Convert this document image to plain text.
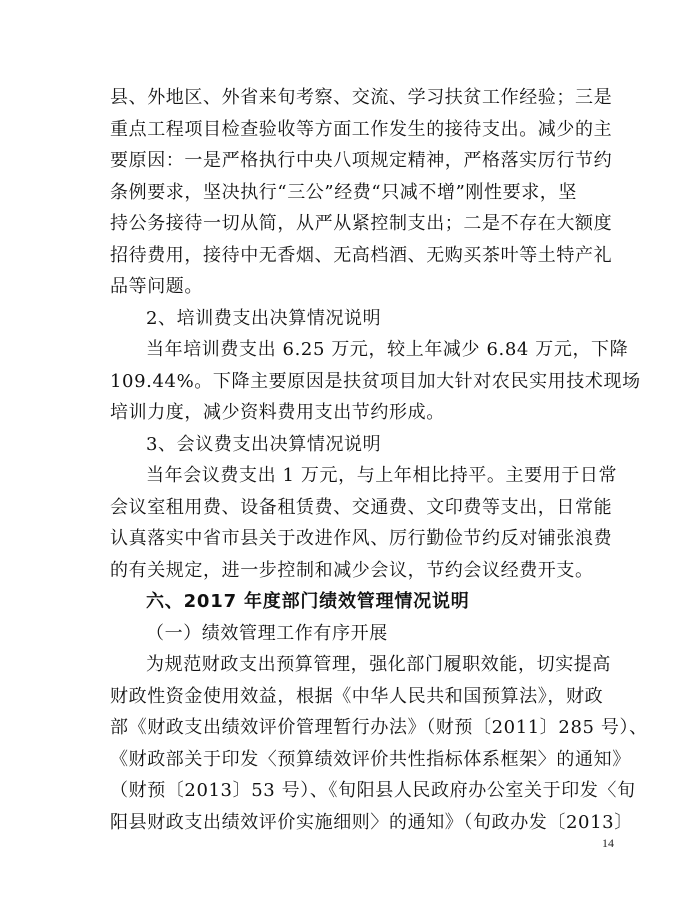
县、外地区、外省来旬考察、交流、学习扶贫工作经验；三是
重点工程项目检查验收等方面工作发生的接待支出。减少的主
要原因：一是严格执行中央八项规定精神，严格落实厉行节约
条例要求，坚决执行“三公”经费“只减不增”刚性要求，坚
持公务接待一切从简，从严从紧控制支出；二是不存在大额度
招待费用，接待中无香烟、无高档酒、无购买茶叶等土特产礼
品等问题。
2、培训费支出决算情况说明
当年培训费支出 6.25 万元，较上年减少 6.84 万元，下降
109.44%。下降主要原因是扶贫项目加大针对农民实用技术现场
培训力度，减少资料费用支出节约形成。
3、会议费支出决算情况说明
当年会议费支出 1 万元，与上年相比持平。主要用于日常
会议室租用费、设备租赁费、交通费、文印费等支出，日常能
认真落实中省市县关于改进作风、厉行勤俭节约反对铺张浪费
的有关规定，进一步控制和减少会议，节约会议经费开支。
六、2017 年度部门绩效管理情况说明
（一）绩效管理工作有序开展
为规范财政支出预算管理，强化部门履职效能，切实提高
财政性资金使用效益，根据《中华人民共和国预算法》，财政
部《财政支出绩效评价管理暂行办法》（财预〔2011〕285 号）、
《财政部关于印发〈预算绩效评价共性指标体系框架〉的通知》
（财预〔2013〕53 号）、《旬阳县人民政府办公室关于印发〈旬
阳县财政支出绩效评价实施细则〉的通知》（旬政办发〔2013〕
14
